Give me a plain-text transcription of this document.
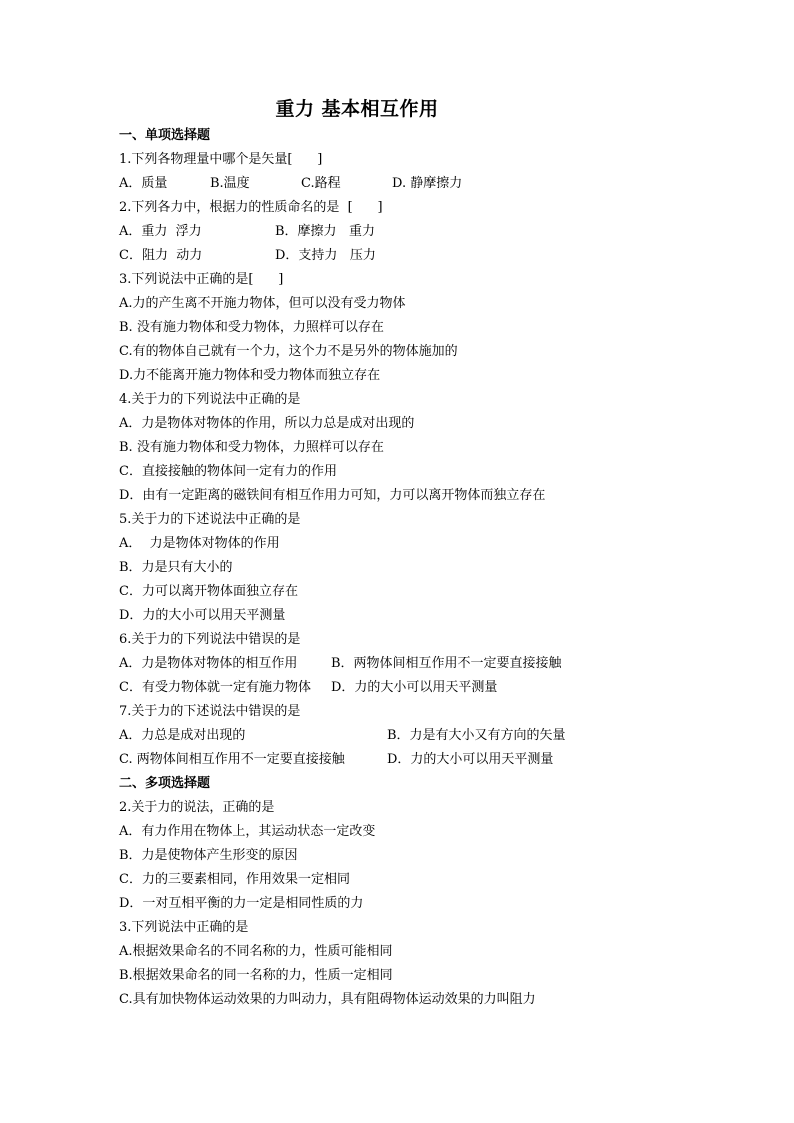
重力 基本相互作用
一、单项选择题
1.下列各物理量中哪个是矢量[      ]
A．质量	B.温度	C.路程	D. 静摩擦力
2.下列各力中，根据力的性质命名的是  [      ]
A．重力  浮力	B．摩擦力   重力
C．阻力  动力	D．支持力   压力
3.下列说法中正确的是[      ]
A.力的产生离不开施力物体，但可以没有受力物体
B. 没有施力物体和受力物体，力照样可以存在
C.有的物体自己就有一个力，这个力不是另外的物体施加的
D.力不能离开施力物体和受力物体而独立存在
4.关于力的下列说法中正确的是
A．力是物体对物体的作用，所以力总是成对出现的
B. 没有施力物体和受力物体，力照样可以存在
C．直接接触的物体间一定有力的作用
D．由有一定距离的磁铁间有相互作用力可知，力可以离开物体而独立存在
5.关于力的下述说法中正确的是
A．  力是物体对物体的作用
B．力是只有大小的
C．力可以离开物体面独立存在
D．力的大小可以用天平测量
6.关于力的下列说法中错误的是
A．力是物体对物体的相互作用	B．两物体间相互作用不一定要直接接触
C．有受力物体就一定有施力物体	D．力的大小可以用天平测量
7.关于力的下述说法中错误的是
A．力总是成对出现的	B．力是有大小又有方向的矢量
C. 两物体间相互作用不一定要直接接触	D．力的大小可以用天平测量
二、多项选择题
2.关于力的说法，正确的是
A．有力作用在物体上，其运动状态一定改变
B．力是使物体产生形变的原因
C．力的三要素相同，作用效果一定相同
D．一对互相平衡的力一定是相同性质的力
3.下列说法中正确的是
A.根据效果命名的不同名称的力，性质可能相同
B.根据效果命名的同一名称的力，性质一定相同
C.具有加快物体运动效果的力叫动力，具有阻碍物体运动效果的力叫阻力
